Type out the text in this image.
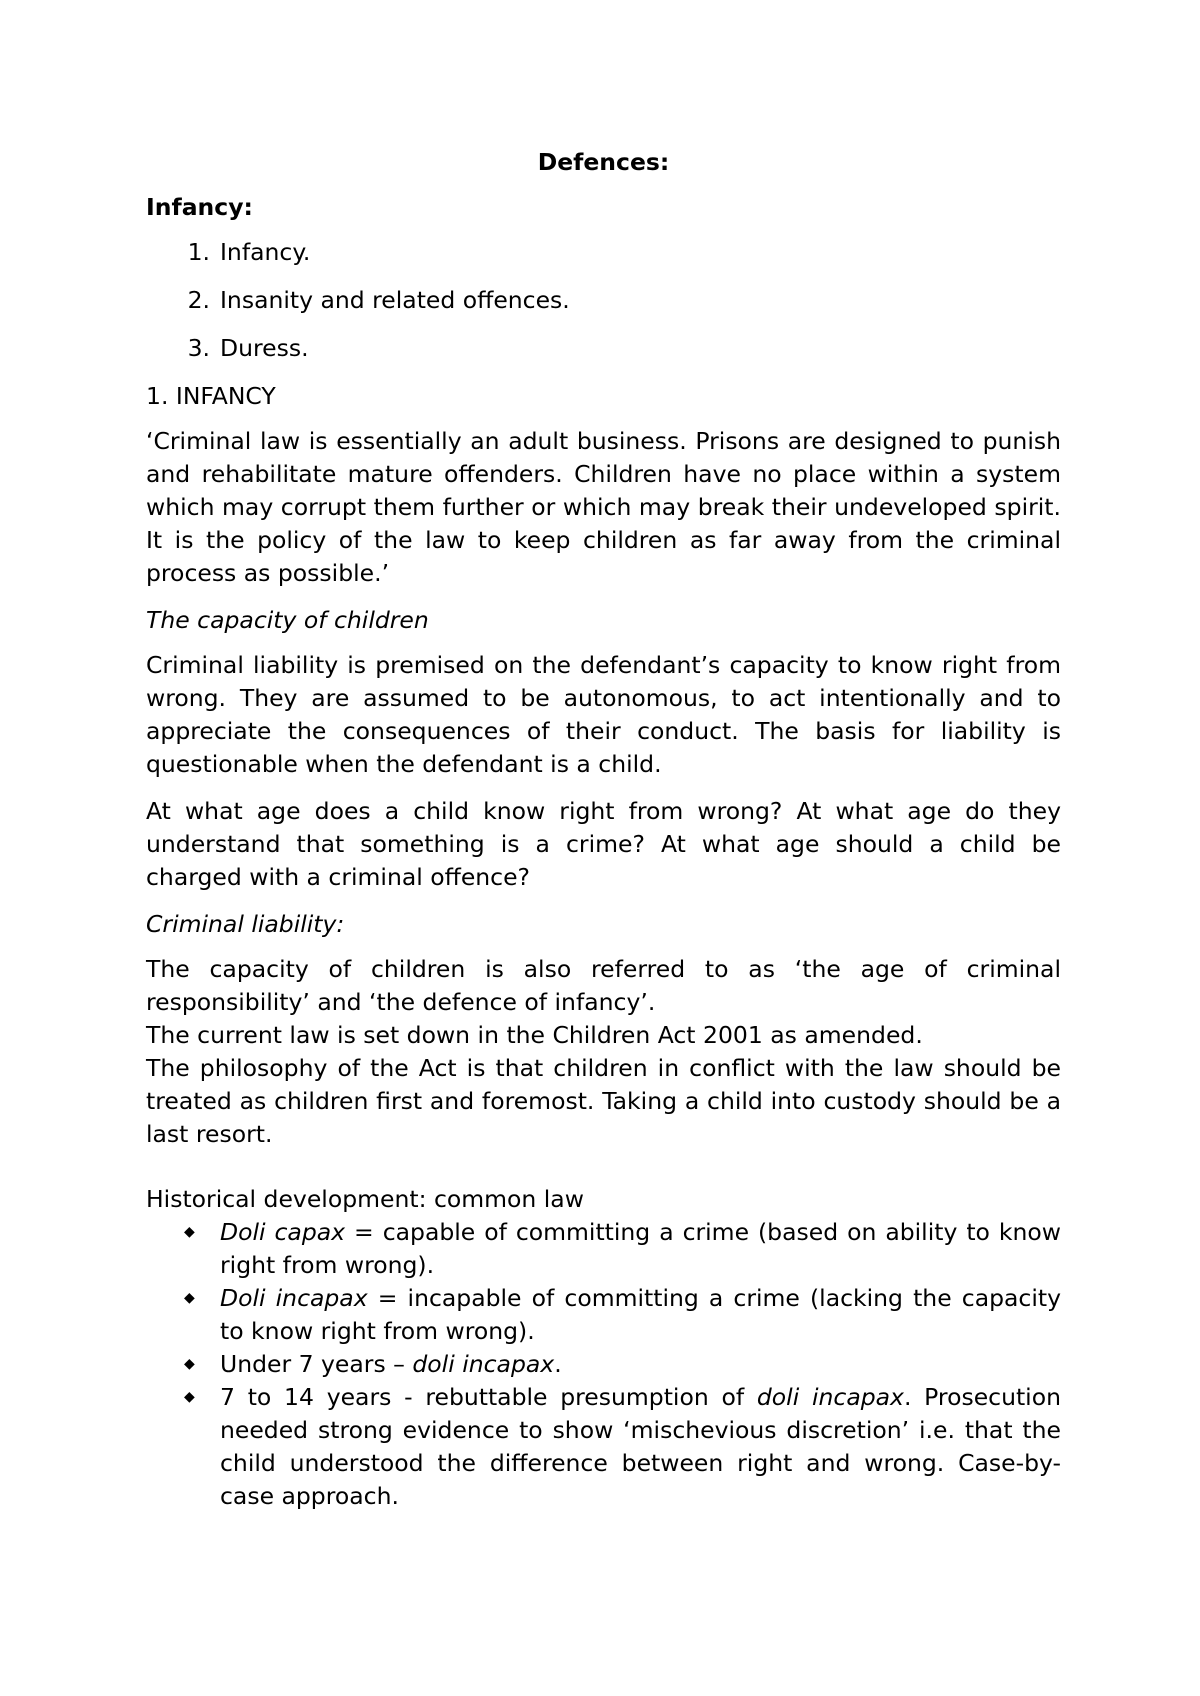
Defences:
Infancy:
1. Infancy.
2. Insanity and related offences.
3. Duress.
1. INFANCY

‘Criminal law is essentially an adult business. Prisons are designed to punish and rehabilitate mature offenders. Children have no place within a system which may corrupt them further or which may break their undeveloped spirit. It is the policy of the law to keep children as far away from the criminal process as possible.’

The capacity of children

Criminal liability is premised on the defendant’s capacity to know right from wrong. They are assumed to be autonomous, to act intentionally and to appreciate the consequences of their conduct. The basis for liability is questionable when the defendant is a child.

At what age does a child know right from wrong? At what age do they understand that something is a crime? At what age should a child be charged with a criminal offence?

Criminal liability:

The capacity of children is also referred to as ‘the age of criminal responsibility’ and ‘the defence of infancy’.

The current law is set down in the Children Act 2001 as amended.

The philosophy of the Act is that children in conflict with the law should be treated as children first and foremost. Taking a child into custody should be a last resort.

Historical development: common law
◆ Doli capax = capable of committing a crime (based on ability to know right from wrong).
◆ Doli incapax = incapable of committing a crime (lacking the capacity to know right from wrong).
◆ Under 7 years – doli incapax.
◆ 7 to 14 years - rebuttable presumption of doli incapax. Prosecution needed strong evidence to show ‘mischevious discretion’ i.e. that the child understood the difference between right and wrong. Case-by-case approach.
